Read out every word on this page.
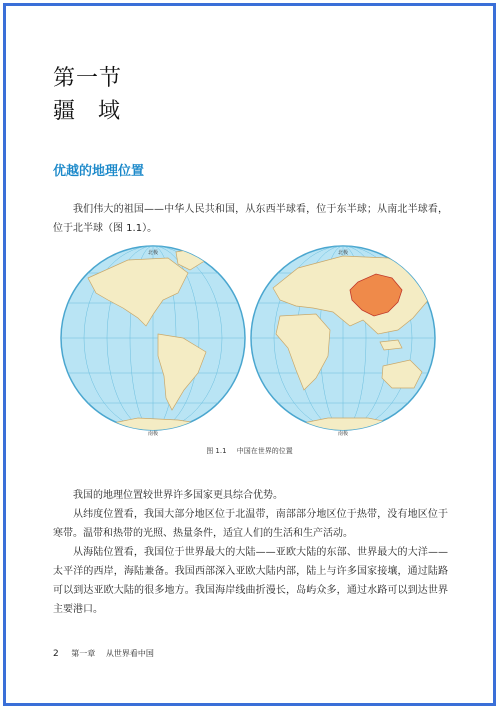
第一节
疆 域
优越的地理位置

我们伟大的祖国——中华人民共和国，从东西半球看，位于东半球；从南北半球看，位于北半球（图 1.1）。

北极
南极
北极
南极
图 1.1 中国在世界的位置

我国的地理位置较世界许多国家更具综合优势。

从纬度位置看，我国大部分地区位于北温带，南部部分地区位于热带，没有地区位于寒带。温带和热带的光照、热量条件，适宜人们的生活和生产活动。

从海陆位置看，我国位于世界最大的大陆——亚欧大陆的东部、世界最大的大洋——太平洋的西岸，海陆兼备。我国西部深入亚欧大陆内部，陆上与许多国家接壤，通过陆路可以到达亚欧大陆的很多地方。我国海岸线曲折漫长，岛屿众多，通过水路可以到达世界主要港口。

2 第一章 从世界看中国
